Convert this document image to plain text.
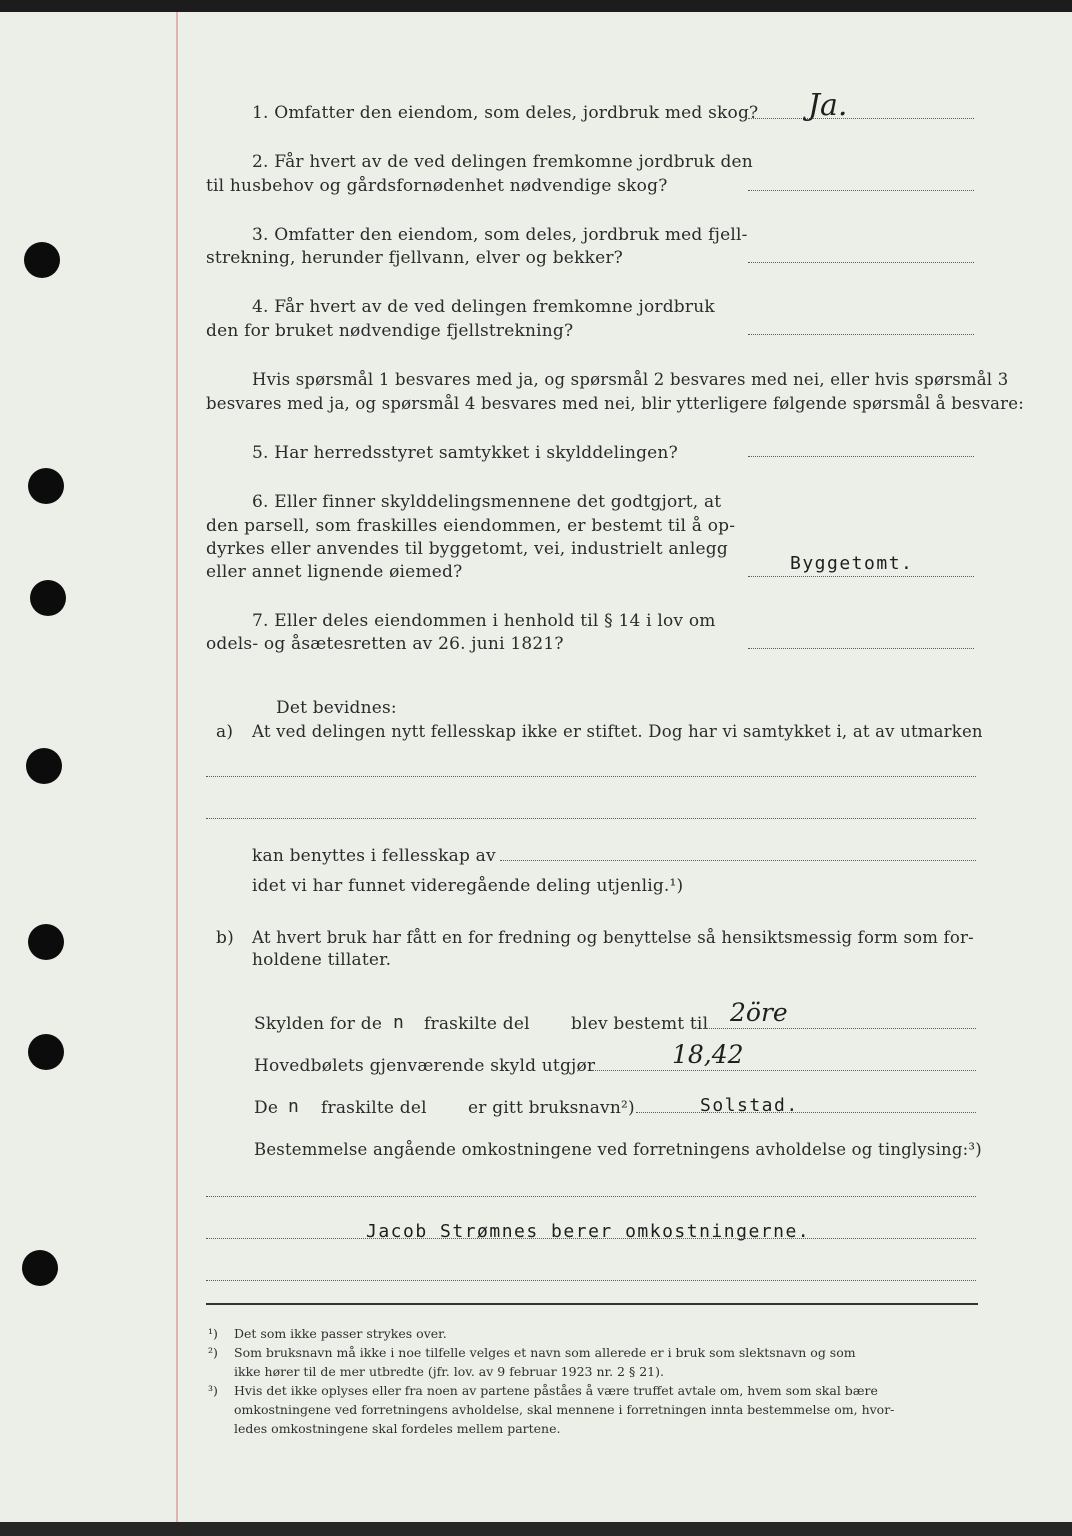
1. Omfatter den eiendom, som deles, jordbruk med skog? Ja.
2. Får hvert av de ved delingen fremkomne jordbruk den
til husbehov og gårdsfornødenhet nødvendige skog?
3. Omfatter den eiendom, som deles, jordbruk med fjell-
strekning, herunder fjellvann, elver og bekker?
4. Får hvert av de ved delingen fremkomne jordbruk
den for bruket nødvendige fjellstrekning?
Hvis spørsmål 1 besvares med ja, og spørsmål 2 besvares med nei, eller hvis spørsmål 3
besvares med ja, og spørsmål 4 besvares med nei, blir ytterligere følgende spørsmål å besvare:
5. Har herredsstyret samtykket i skylddelingen?
6. Eller finner skylddelingsmennene det godtgjort, at
den parsell, som fraskilles eiendommen, er bestemt til å op-
dyrkes eller anvendes til byggetomt, vei, industrielt anlegg
eller annet lignende øiemed?	Byggetomt.
7. Eller deles eiendommen i henhold til § 14 i lov om
odels- og åsætesretten av 26. juni 1821?
Det bevidnes:
a) At ved delingen nytt fellesskap ikke er stiftet. Dog har vi samtykket i, at av utmarken
kan benyttes i fellesskap av
idet vi har funnet videregående deling utjenlig.¹)
b) At hvert bruk har fått en for fredning og benyttelse så hensiktsmessig form som for-
holdene tillater.
Skylden for de n fraskilte del blev bestemt til 2öre
Hovedbølets gjenværende skyld utgjør	18,42
De n fraskilte del er gitt bruksnavn²)	Solstad.
Bestemmelse angående omkostningene ved forretningens avholdelse og tinglysing:³)
Jacob Strømnes berer omkostningerne.
¹) Det som ikke passer strykes over.
²) Som bruksnavn må ikke i noe tilfelle velges et navn som allerede er i bruk som slektsnavn og som
ikke hører til de mer utbredte (jfr. lov. av 9 februar 1923 nr. 2 § 21).
³) Hvis det ikke oplyses eller fra noen av partene påståes å være truffet avtale om, hvem som skal bære
omkostningene ved forretningens avholdelse, skal mennene i forretningen innta bestemmelse om, hvor-
ledes omkostningene skal fordeles mellem partene.
